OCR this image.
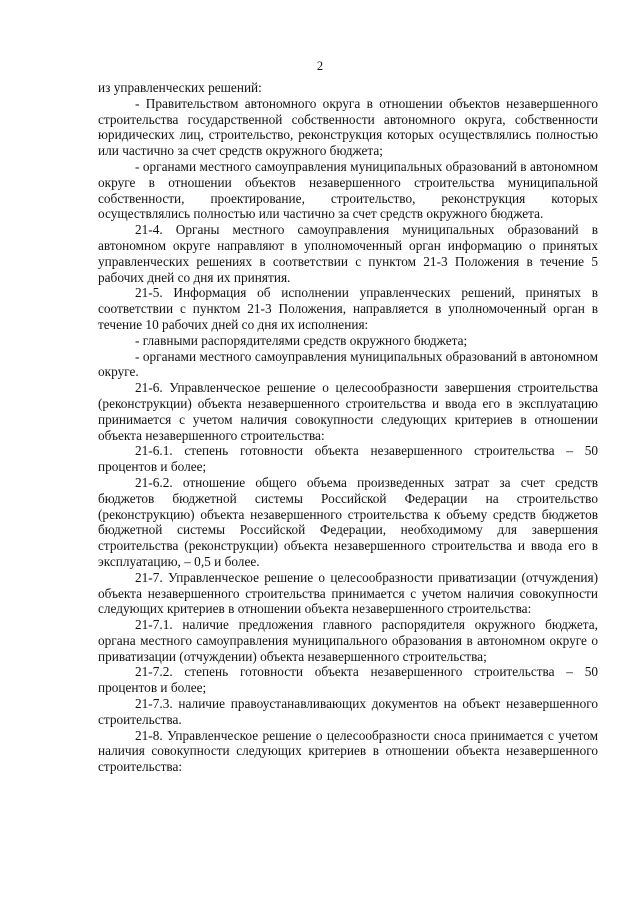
2

из управленческих решений:

- Правительством автономного округа в отношении объектов незавершенного строительства государственной собственности автономного округа, собственности юридических лиц, строительство, реконструкция которых осуществлялись полностью или частично за счет средств окружного бюджета;

- органами местного самоуправления муниципальных образований в автономном округе в отношении объектов незавершенного строительства муниципальной собственности, проектирование, строительство, реконструкция которых осуществлялись полностью или частично за счет средств окружного бюджета.

21-4. Органы местного самоуправления муниципальных образований в автономном округе направляют в уполномоченный орган информацию о принятых управленческих решениях в соответствии с пунктом 21-3 Положения в течение 5 рабочих дней со дня их принятия.

21-5. Информация об исполнении управленческих решений, принятых в соответствии с пунктом 21-3 Положения, направляется в уполномоченный орган в течение 10 рабочих дней со дня их исполнения:

- главными распорядителями средств окружного бюджета;

- органами местного самоуправления муниципальных образований в автономном округе.

21-6. Управленческое решение о целесообразности завершения строительства (реконструкции) объекта незавершенного строительства и ввода его в эксплуатацию принимается с учетом наличия совокупности следующих критериев в отношении объекта незавершенного строительства:

21-6.1. степень готовности объекта незавершенного строительства – 50 процентов и более;

21-6.2. отношение общего объема произведенных затрат за счет средств бюджетов бюджетной системы Российской Федерации на строительство (реконструкцию) объекта незавершенного строительства к объему средств бюджетов бюджетной системы Российской Федерации, необходимому для завершения строительства (реконструкции) объекта незавершенного строительства и ввода его в эксплуатацию, – 0,5 и более.

21-7. Управленческое решение о целесообразности приватизации (отчуждения) объекта незавершенного строительства принимается с учетом наличия совокупности следующих критериев в отношении объекта незавершенного строительства:

21-7.1. наличие предложения главного распорядителя окружного бюджета, органа местного самоуправления муниципального образования в автономном округе о приватизации (отчуждении) объекта незавершенного строительства;

21-7.2. степень готовности объекта незавершенного строительства – 50 процентов и более;

21-7.3. наличие правоустанавливающих документов на объект незавершенного строительства.

21-8. Управленческое решение о целесообразности сноса принимается с учетом наличия совокупности следующих критериев в отношении объекта незавершенного строительства:
